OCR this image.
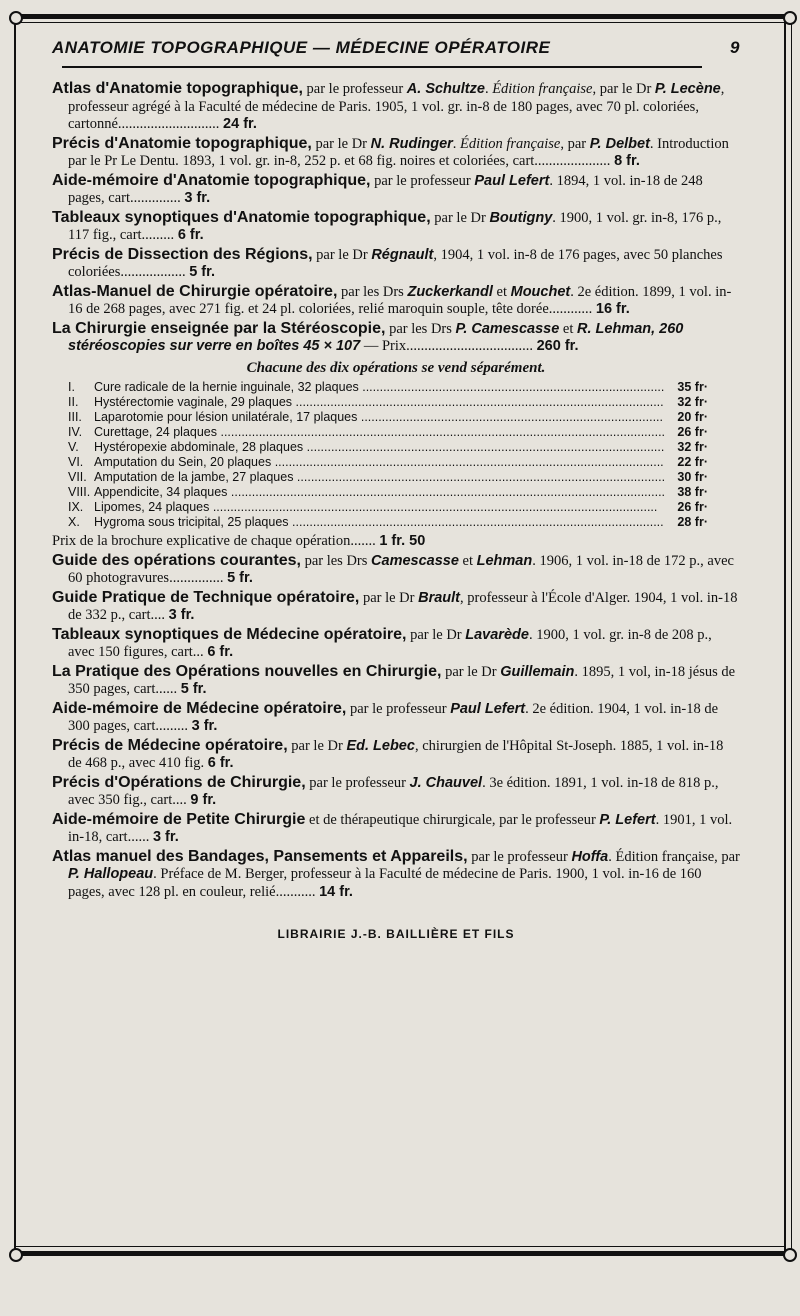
ANATOMIE TOPOGRAPHIQUE — MÉDECINE OPÉRATOIRE	9
Atlas d'Anatomie topographique, par le professeur A. Schultze. Édition française, par le Dr P. Lecène, professeur agrégé à la Faculté de médecine de Paris. 1905, 1 vol. gr. in-8 de 180 pages, avec 70 pl. coloriées, cartonné............................ 24 fr.
Précis d'Anatomie topographique, par le Dr N. Rudinger. Édition française, par P. Delbet. Introduction par le Pr Le Dentu. 1893, 1 vol. gr. in-8, 252 p. et 68 fig. noires et coloriées, cart..................... 8 fr.
Aide-mémoire d'Anatomie topographique, par le professeur Paul Lefert. 1894, 1 vol. in-18 de 248 pages, cart.............. 3 fr.
Tableaux synoptiques d'Anatomie topographique, par le Dr Boutigny. 1900, 1 vol. gr. in-8, 176 p., 117 fig., cart......... 6 fr.
Précis de Dissection des Régions, par le Dr Régnault, 1904, 1 vol. in-8 de 176 pages, avec 50 planches coloriées.................. 5 fr.
Atlas-Manuel de Chirurgie opératoire, par les Drs Zuckerkandl et Mouchet. 2e édition. 1899, 1 vol. in-16 de 268 pages, avec 271 fig. et 24 pl. coloriées, relié maroquin souple, tête dorée............ 16 fr.
La Chirurgie enseignée par la Stéréoscopie, par les Drs P. Camescasse et R. Lehman, 260 stéréoscopies sur verre en boîtes 45 × 107 — Prix................................... 260 fr.
Chacune des dix opérations se vend séparément.
I.	Cure radicale de la hernie inguinale, 32 plaques .....	35 fr·
II.	Hystérectomie vaginale, 29 plaques .....	32 fr·
III. Laparotomie pour lésion unilatérale, 17 plaques .....	20 fr·
IV. Curettage, 24 plaques .....	26 fr·
V.	Hystéropexie abdominale, 28 plaques .....	32 fr·
VI. Amputation du Sein, 20 plaques .....	22 fr·
VII. Amputation de la jambe, 27 plaques .....	30 fr·
VIII. Appendicite, 34 plaques .....	38 fr·
IX. Lipomes, 24 plaques .....	26 fr·
X.	Hygroma sous tricipital, 25 plaques .....	28 fr·
Prix de la brochure explicative de chaque opération....... 1 fr. 50
Guide des opérations courantes, par les Drs Camescasse et Lehman. 1906, 1 vol. in-18 de 172 p., avec 60 photogravures............... 5 fr.
Guide Pratique de Technique opératoire, par le Dr Brault, professeur à l'École d'Alger. 1904, 1 vol. in-18 de 332 p., cart.... 3 fr.
Tableaux synoptiques de Médecine opératoire, par le Dr Lavarède. 1900, 1 vol. gr. in-8 de 208 p., avec 150 figures, cart... 6 fr.
La Pratique des Opérations nouvelles en Chirurgie, par le Dr Guillemain. 1895, 1 vol, in-18 jésus de 350 pages, cart...... 5 fr.
Aide-mémoire de Médecine opératoire, par le professeur Paul Lefert. 2e édition. 1904, 1 vol. in-18 de 300 pages, cart......... 3 fr.
Précis de Médecine opératoire, par le Dr Ed. Lebec, chirurgien de l'Hôpital St-Joseph. 1885, 1 vol. in-18 de 468 p., avec 410 fig. 6 fr.
Précis d'Opérations de Chirurgie, par le professeur J. Chauvel. 3e édition. 1891, 1 vol. in-18 de 818 p., avec 350 fig., cart.... 9 fr.
Aide-mémoire de Petite Chirurgie et de thérapeutique chirurgicale, par le professeur P. Lefert. 1901, 1 vol. in-18, cart...... 3 fr.
Atlas manuel des Bandages, Pansements et Appareils, par le professeur Hoffa. Édition française, par P. Hallopeau. Préface de M. Berger, professeur à la Faculté de médecine de Paris. 1900, 1 vol. in-16 de 160 pages, avec 128 pl. en couleur, relié........... 14 fr.
LIBRAIRIE J.-B. BAILLIÈRE ET FILS
